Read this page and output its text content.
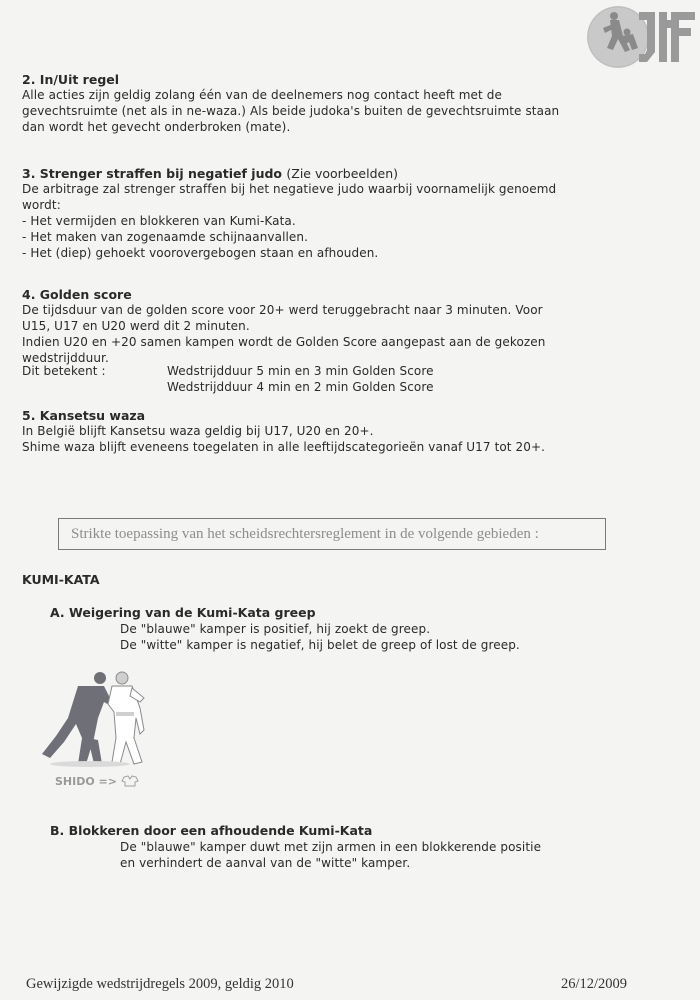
2. In/Uit regel
Alle acties zijn geldig zolang één van de deelnemers nog contact heeft met de
gevechtsruimte (net als in ne-waza.) Als beide judoka's buiten de gevechtsruimte staan
dan wordt het gevecht onderbroken (mate).
3. Strenger straffen bij negatief judo (Zie voorbeelden)
De arbitrage zal strenger straffen bij het negatieve judo waarbij voornamelijk genoemd
wordt:
- Het vermijden en blokkeren van Kumi-Kata.
- Het maken van zogenaamde schijnaanvallen.
- Het (diep) gehoekt voorovergebogen staan en afhouden.
4. Golden score
De tijdsduur van de golden score voor 20+ werd teruggebracht naar 3 minuten. Voor
U15, U17 en U20 werd dit 2 minuten.
Indien U20 en +20 samen kampen wordt de Golden Score aangepast aan de gekozen
wedstrijdduur.
Dit betekent :	Wedstrijdduur 5 min en 3 min Golden Score
Wedstrijdduur 4 min en 2 min Golden Score
5. Kansetsu waza
In België blijft Kansetsu waza geldig bij U17, U20 en 20+.
Shime waza blijft eveneens toegelaten in alle leeftijdscategorieën vanaf U17 tot 20+.
Strikte toepassing van het scheidsrechtersreglement in de volgende gebieden :
KUMI-KATA
A. Weigering van de Kumi-Kata greep
De "blauwe" kamper is positief, hij zoekt de greep.
De "witte" kamper is negatief, hij belet de greep of lost de greep.
SHIDO =>
B. Blokkeren door een afhoudende Kumi-Kata
De "blauwe" kamper duwt met zijn armen in een blokkerende positie
en verhindert de aanval van de "witte" kamper.
Gewijzigde wedstrijdregels 2009, geldig 2010	26/12/2009
